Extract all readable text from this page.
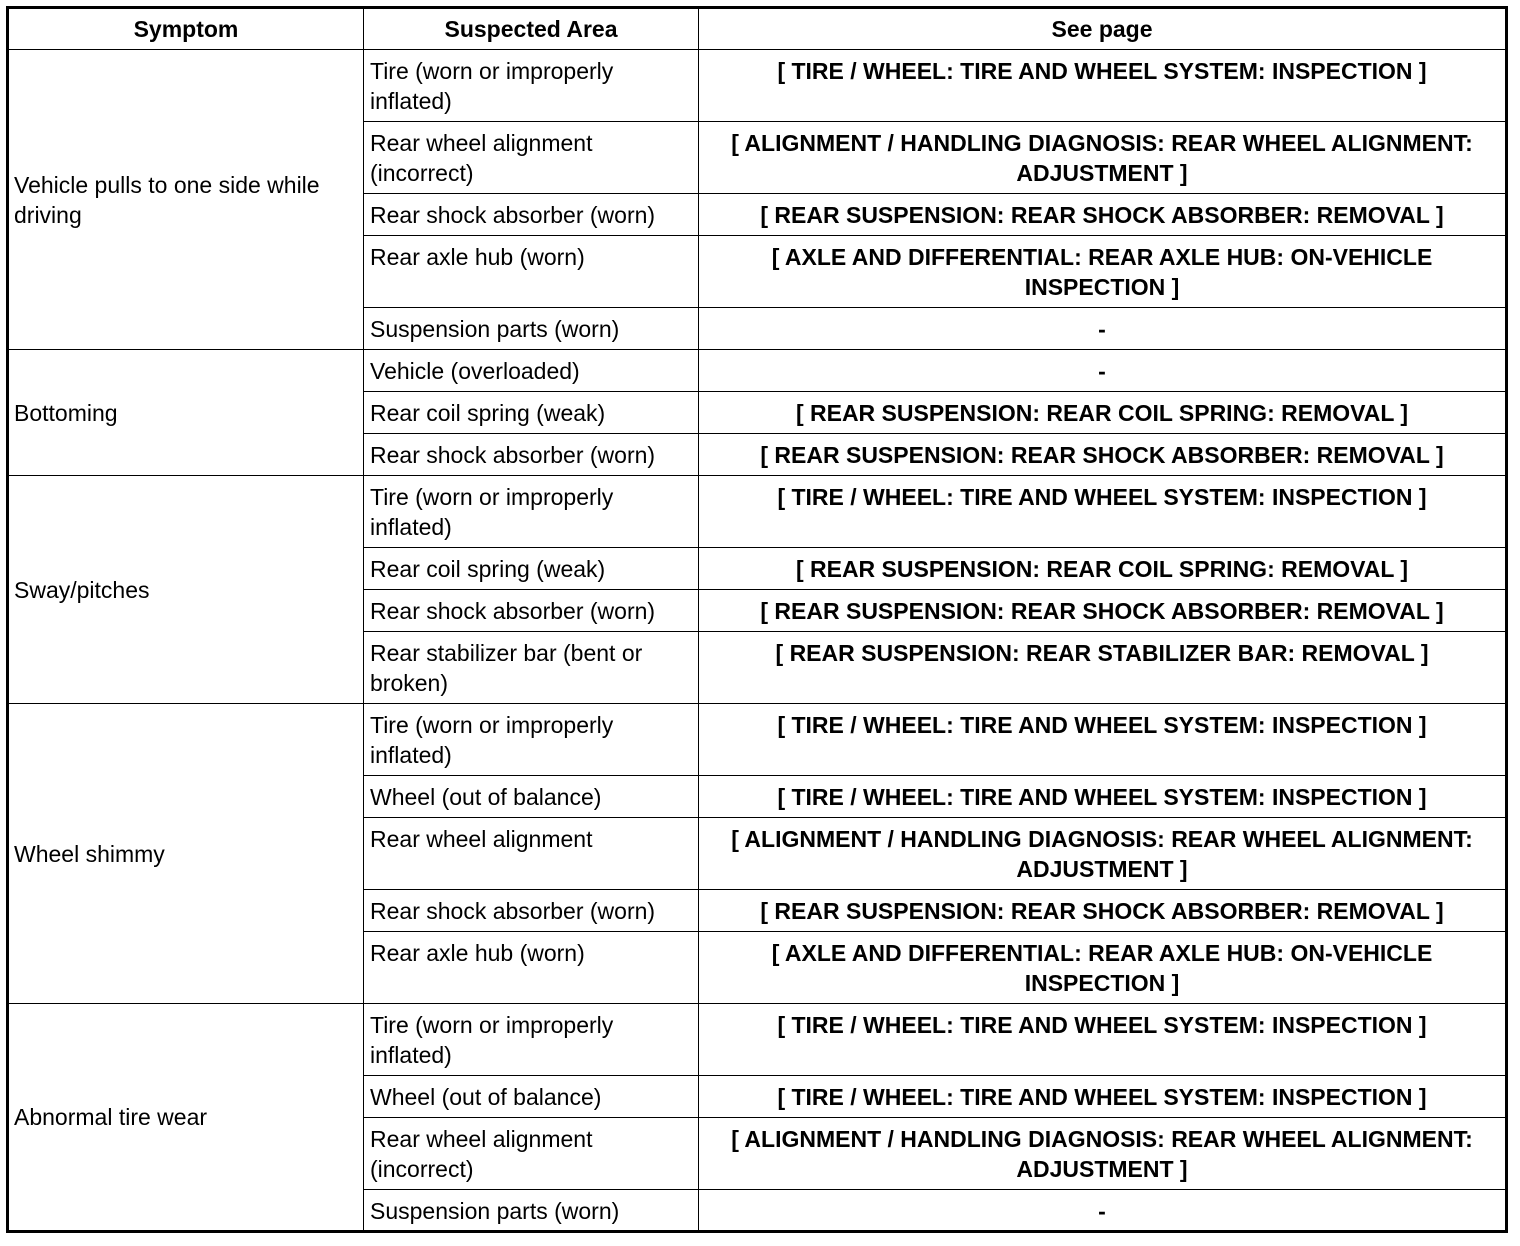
Symptom	Suspected Area	See page
Vehicle pulls to one side while driving	Tire (worn or improperly inflated)	[ TIRE / WHEEL: TIRE AND WHEEL SYSTEM: INSPECTION ]
	Rear wheel alignment (incorrect)	[ ALIGNMENT / HANDLING DIAGNOSIS: REAR WHEEL ALIGNMENT: ADJUSTMENT ]
	Rear shock absorber (worn)	[ REAR SUSPENSION: REAR SHOCK ABSORBER: REMOVAL ]
	Rear axle hub (worn)	[ AXLE AND DIFFERENTIAL: REAR AXLE HUB: ON-VEHICLE INSPECTION ]
	Suspension parts (worn)	-
Bottoming	Vehicle (overloaded)	-
	Rear coil spring (weak)	[ REAR SUSPENSION: REAR COIL SPRING: REMOVAL ]
	Rear shock absorber (worn)	[ REAR SUSPENSION: REAR SHOCK ABSORBER: REMOVAL ]
Sway/pitches	Tire (worn or improperly inflated)	[ TIRE / WHEEL: TIRE AND WHEEL SYSTEM: INSPECTION ]
	Rear coil spring (weak)	[ REAR SUSPENSION: REAR COIL SPRING: REMOVAL ]
	Rear shock absorber (worn)	[ REAR SUSPENSION: REAR SHOCK ABSORBER: REMOVAL ]
	Rear stabilizer bar (bent or broken)	[ REAR SUSPENSION: REAR STABILIZER BAR: REMOVAL ]
Wheel shimmy	Tire (worn or improperly inflated)	[ TIRE / WHEEL: TIRE AND WHEEL SYSTEM: INSPECTION ]
	Wheel (out of balance)	[ TIRE / WHEEL: TIRE AND WHEEL SYSTEM: INSPECTION ]
	Rear wheel alignment	[ ALIGNMENT / HANDLING DIAGNOSIS: REAR WHEEL ALIGNMENT: ADJUSTMENT ]
	Rear shock absorber (worn)	[ REAR SUSPENSION: REAR SHOCK ABSORBER: REMOVAL ]
	Rear axle hub (worn)	[ AXLE AND DIFFERENTIAL: REAR AXLE HUB: ON-VEHICLE INSPECTION ]
Abnormal tire wear	Tire (worn or improperly inflated)	[ TIRE / WHEEL: TIRE AND WHEEL SYSTEM: INSPECTION ]
	Wheel (out of balance)	[ TIRE / WHEEL: TIRE AND WHEEL SYSTEM: INSPECTION ]
	Rear wheel alignment (incorrect)	[ ALIGNMENT / HANDLING DIAGNOSIS: REAR WHEEL ALIGNMENT: ADJUSTMENT ]
	Suspension parts (worn)	-
